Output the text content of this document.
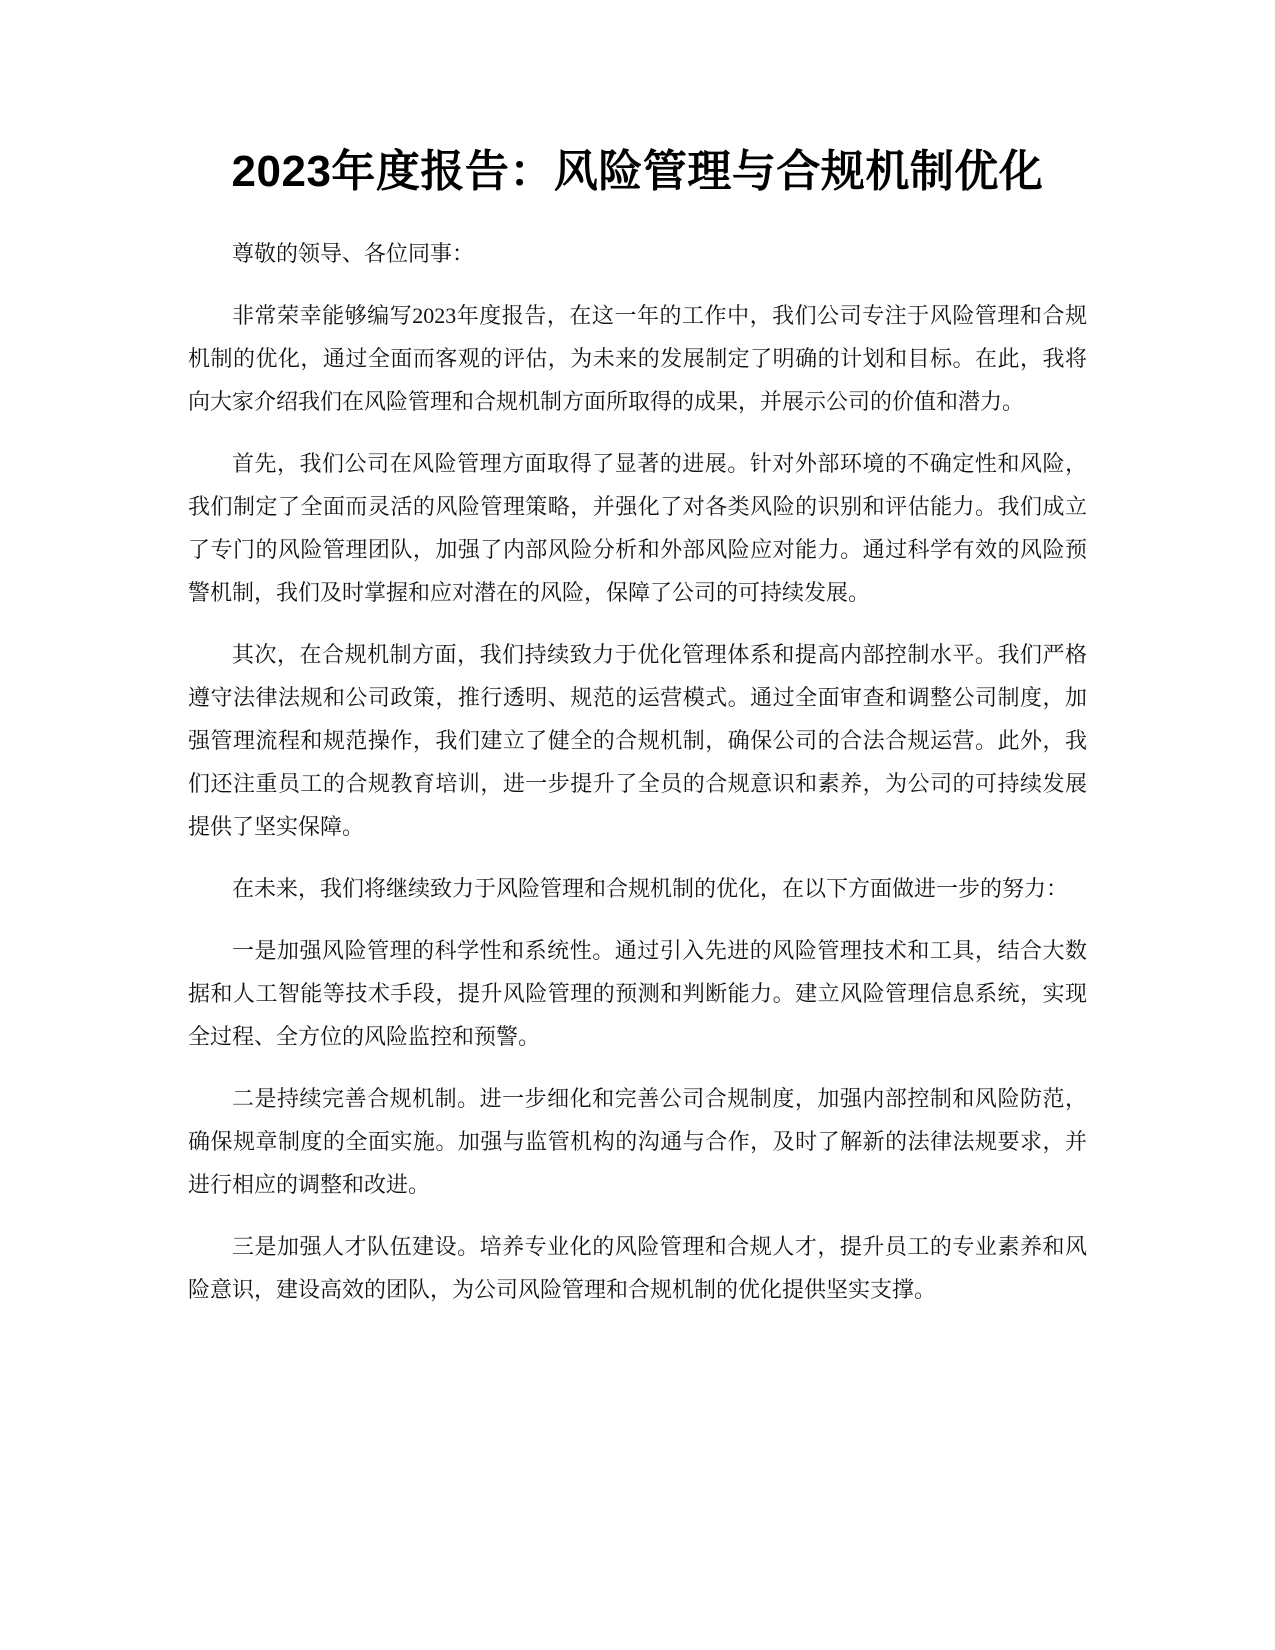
2023年度报告：风险管理与合规机制优化

尊敬的领导、各位同事：

非常荣幸能够编写2023年度报告，在这一年的工作中，我们公司专注于风险管理和合规机制的优化，通过全面而客观的评估，为未来的发展制定了明确的计划和目标。在此，我将向大家介绍我们在风险管理和合规机制方面所取得的成果，并展示公司的价值和潜力。

首先，我们公司在风险管理方面取得了显著的进展。针对外部环境的不确定性和风险，我们制定了全面而灵活的风险管理策略，并强化了对各类风险的识别和评估能力。我们成立了专门的风险管理团队，加强了内部风险分析和外部风险应对能力。通过科学有效的风险预警机制，我们及时掌握和应对潜在的风险，保障了公司的可持续发展。

其次，在合规机制方面，我们持续致力于优化管理体系和提高内部控制水平。我们严格遵守法律法规和公司政策，推行透明、规范的运营模式。通过全面审查和调整公司制度，加强管理流程和规范操作，我们建立了健全的合规机制，确保公司的合法合规运营。此外，我们还注重员工的合规教育培训，进一步提升了全员的合规意识和素养，为公司的可持续发展提供了坚实保障。

在未来，我们将继续致力于风险管理和合规机制的优化，在以下方面做进一步的努力：

一是加强风险管理的科学性和系统性。通过引入先进的风险管理技术和工具，结合大数据和人工智能等技术手段，提升风险管理的预测和判断能力。建立风险管理信息系统，实现全过程、全方位的风险监控和预警。

二是持续完善合规机制。进一步细化和完善公司合规制度，加强内部控制和风险防范，确保规章制度的全面实施。加强与监管机构的沟通与合作，及时了解新的法律法规要求，并进行相应的调整和改进。

三是加强人才队伍建设。培养专业化的风险管理和合规人才，提升员工的专业素养和风险意识，建设高效的团队，为公司风险管理和合规机制的优化提供坚实支撑。
